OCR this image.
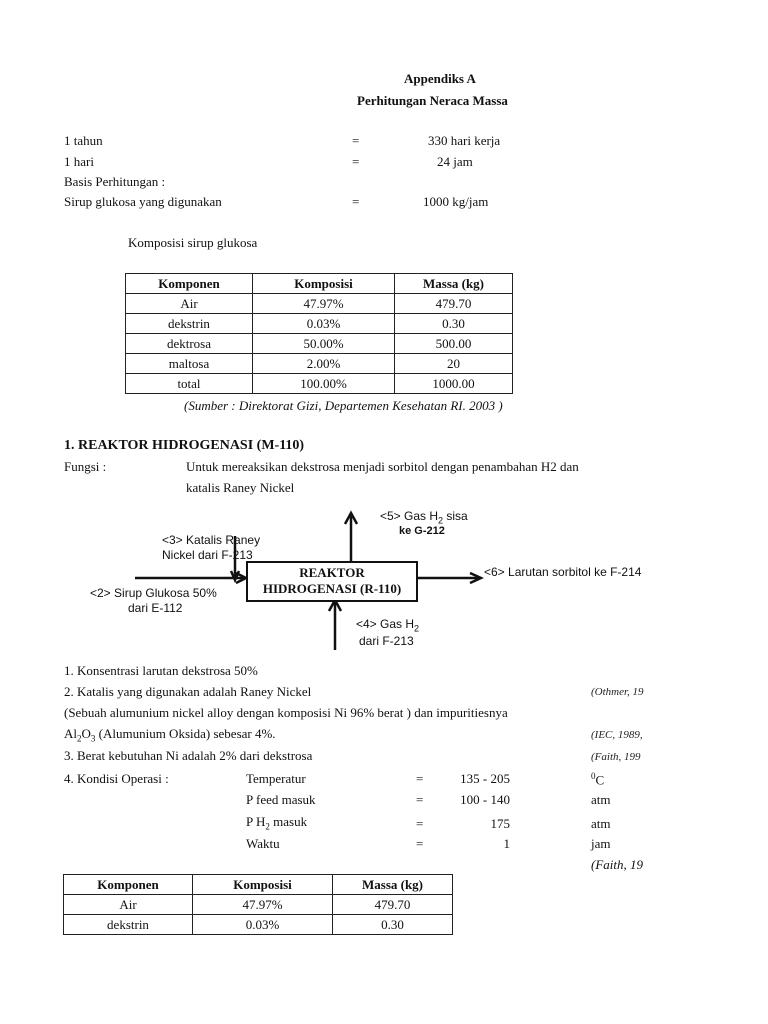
Appendiks A
Perhitungan Neraca Massa
1 tahun	=	330 hari kerja
1 hari	=	24 jam
Basis Perhitungan :
Sirup glukosa yang digunakan	=	1000 kg/jam
Komposisi sirup glukosa
Komponen	Komposisi	Massa (kg)
Air	47.97%	479.70
dekstrin	0.03%	0.30
dektrosa	50.00%	500.00
maltosa	2.00%	20
total	100.00%	1000.00
(Sumber : Direktorat Gizi, Departemen Kesehatan RI. 2003 )
1. REAKTOR HIDROGENASI (M-110)
Fungsi :	Untuk mereaksikan dekstrosa menjadi sorbitol dengan penambahan H2 dan
katalis Raney Nickel
REAKTOR
HIDROGENASI (R-110)
<5> Gas $H_2$ sisa
ke G-212
<3> Katalis Raney
Nickel dari F-213
<2> Sirup Glukosa 50%
dari E-112
<6> Larutan sorbitol ke F-214
<4> Gas $H_2$
dari F-213
1. Konsentrasi larutan dekstrosa 50%
2. Katalis yang digunakan adalah Raney Nickel	(Othmer, 19
(Sebuah alumunium nickel alloy dengan komposisi Ni 96% berat ) dan impuritiesnya
$Al_2O_3$ (Alumunium Oksida) sebesar 4%.	(IEC, 1989,
3. Berat kebutuhan Ni adalah 2% dari dekstrosa	(Faith, 199
4. Kondisi Operasi :	Temperatur	=	135 - 205	$^0$C
P feed masuk	=	100 - 140	atm
P $H_2$ masuk	=	175	atm
Waktu	=	1	jam
(Faith, 19
Komponen	Komposisi	Massa (kg)
Air	47.97%	479.70
dekstrin	0.03%	0.30
